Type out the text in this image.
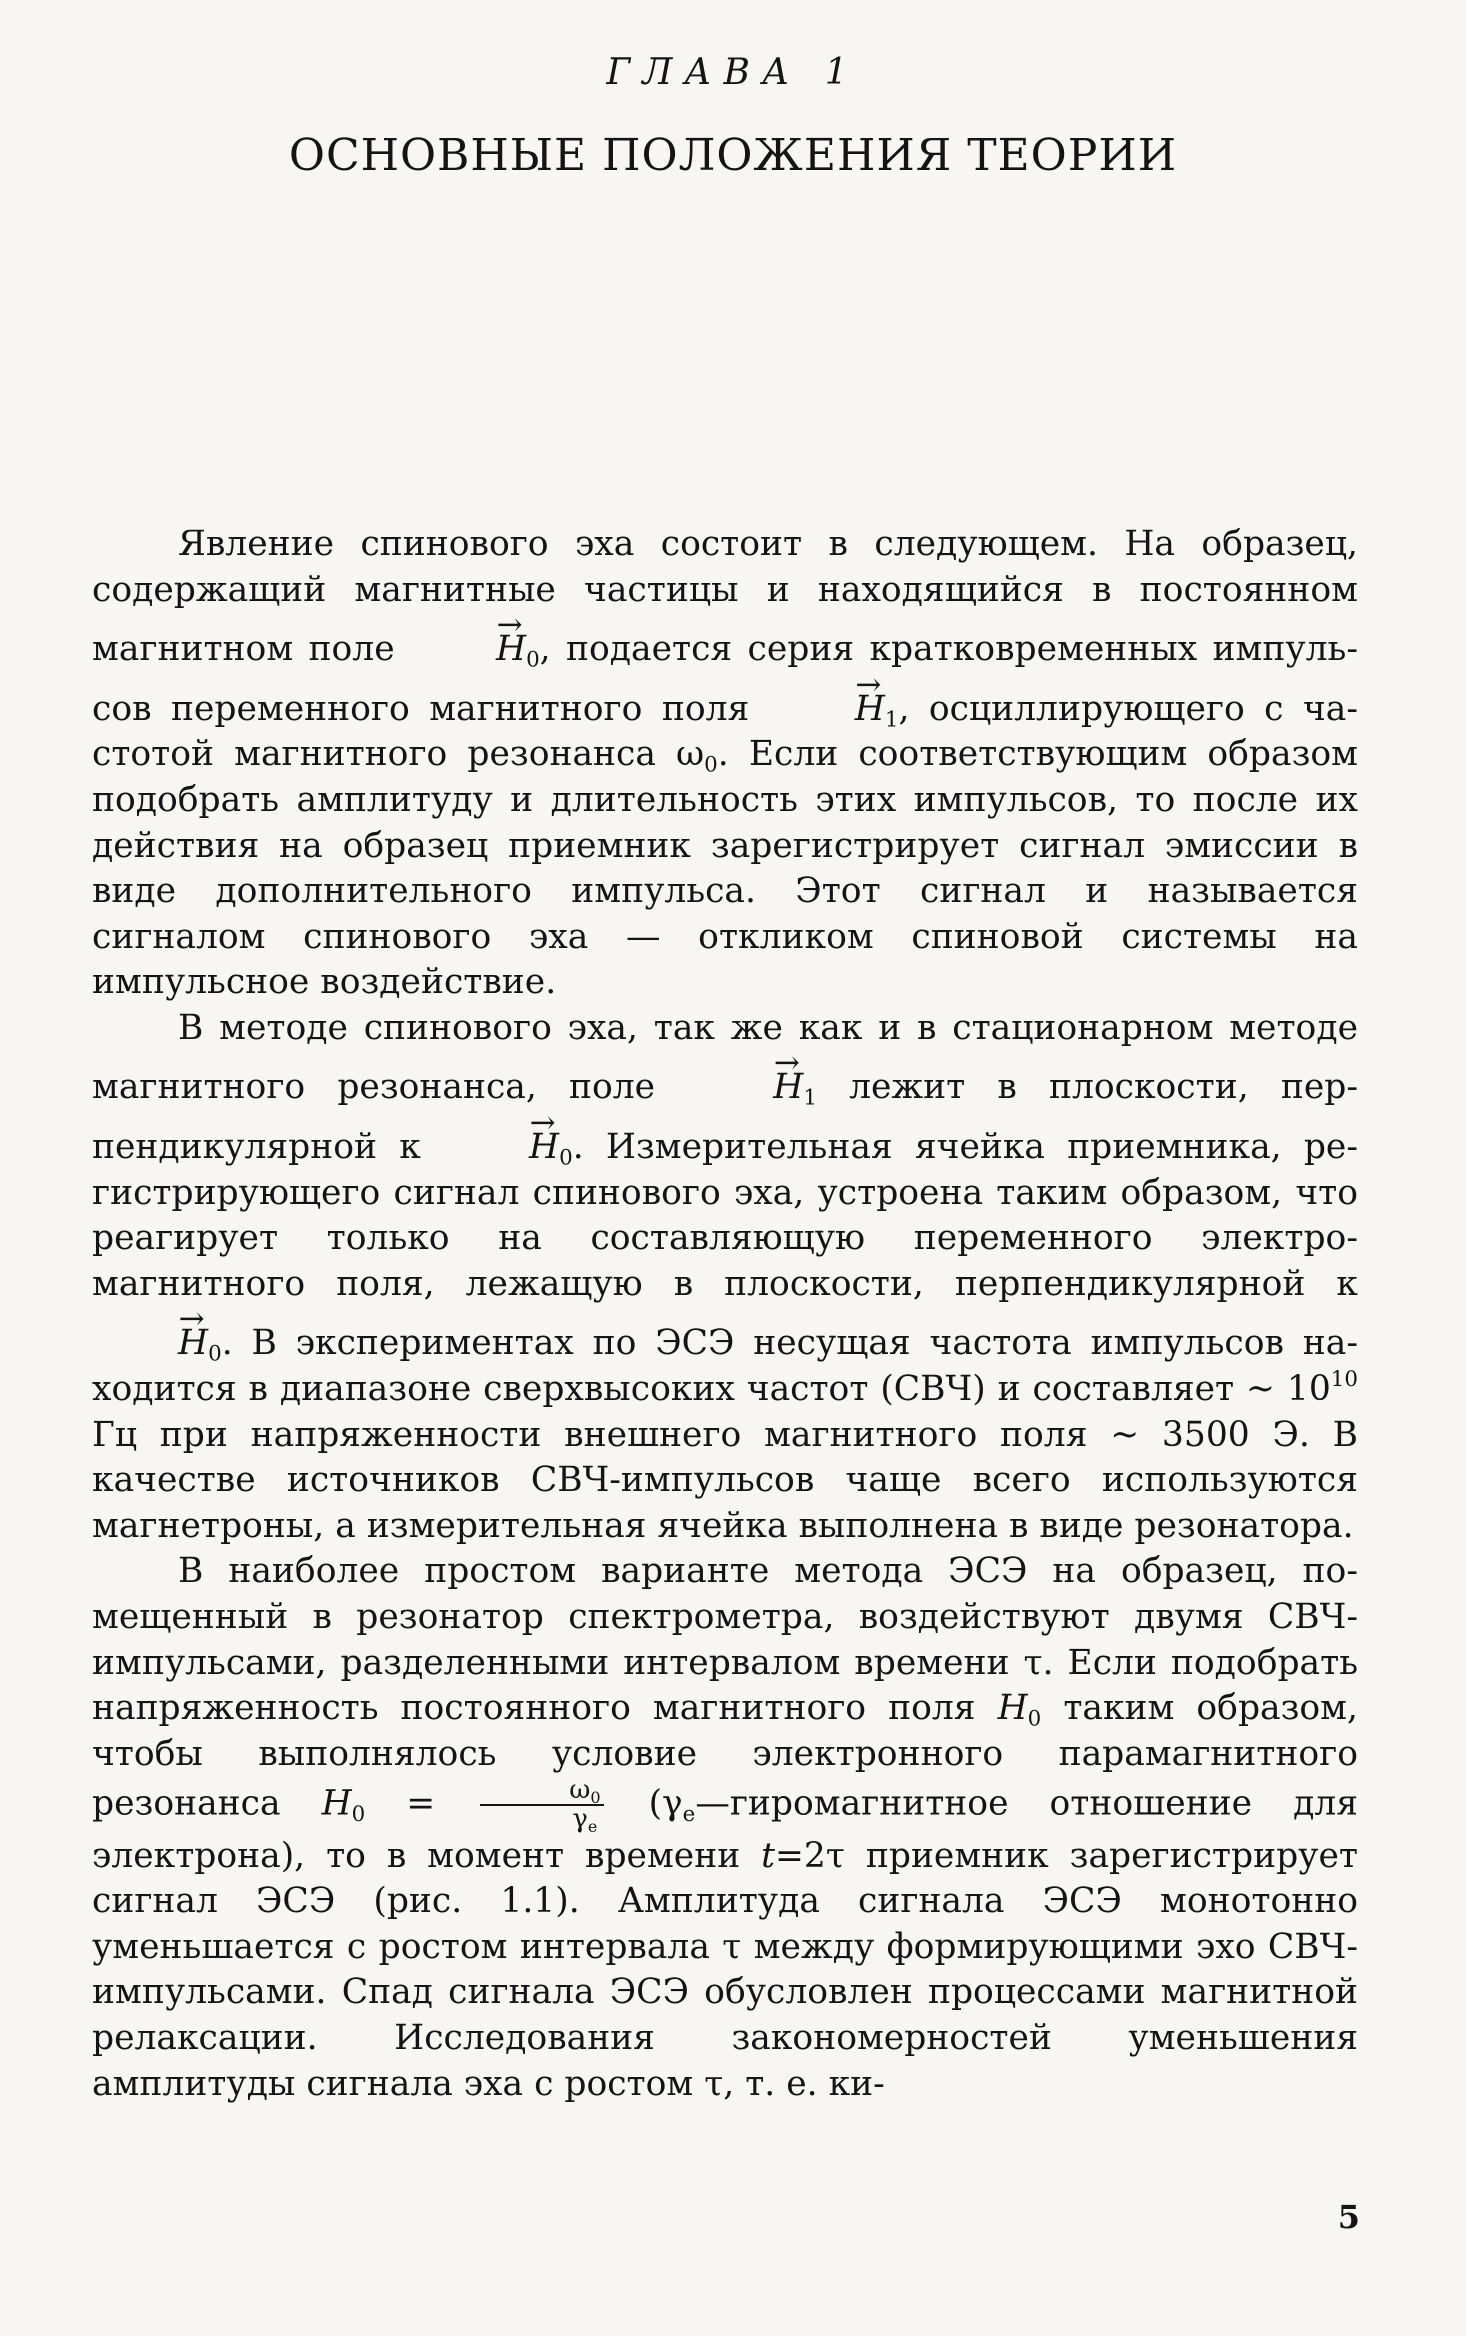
ГЛАВА 1
ОСНОВНЫЕ ПОЛОЖЕНИЯ ТЕОРИИ

Явление спинового эха состоит в следующем. На образец, содержащий магнитные частицы и находящийся в постоянном магнитном поле → $H_0$, подается серия кратковременных импульсов переменного магнитного поля → $H_1$, осциллирующего с частотой магнитного резонанса $\omega_0$. Если соответствующим образом подобрать амплитуду и длительность этих импульсов, то после их действия на образец приемник зарегистрирует сигнал эмиссии в виде дополнительного импульса. Этот сигнал и называется сигналом спинового эха — откликом спиновой системы на импульсное воздействие.

В методе спинового эха, так же как и в стационарном методе магнитного резонанса, поле → $H_1$ лежит в плоскости, перпендикулярной $к \to H_0$. Измерительная ячейка приемника, регистрирующего сигнал спинового эха, устроена таким образом, что реагирует только на составляющую переменного электромагнитного поля, лежащую в плоскости, перпендикулярной $к \to H_0$. В экспериментах по ЭСЭ несущая частота импульсов находится в диапазоне сверхвысоких частот (СВЧ) и составляет ~ $10^{10}$ Гц при напряженности внешнего магнитного поля ~ 3500 Э. В качестве источников СВЧ-импульсов чаще всего используются магнетроны, а измерительная ячейка выполнена в виде резонатора.

В наиболее простом варианте метода ЭСЭ на образец, помещенный в резонатор спектрометра, воздействуют двумя СВЧ-импульсами, разделенными интервалом времени τ. Если подобрать напряженность постоянного магнитного поля $H_0$ таким образом, чтобы выполнялось условие электронного парамагнитного резонанса $H_0 = \frac{\omega_0}{\gamma_e}$ ($\gamma_e—гиромагнитное$ отношение для электрона), то в момент времени t=2τ приемник зарегистрирует сигнал ЭСЭ (рис. 1.1). Амплитуда сигнала ЭСЭ монотонно уменьшается с ростом интервала τ между формирующими эхо СВЧ-импульсами. Спад сигнала ЭСЭ обусловлен процессами магнитной релаксации. Исследования закономерностей уменьшения амплитуды сигнала эха с ростом τ, т. е. ки-

5
